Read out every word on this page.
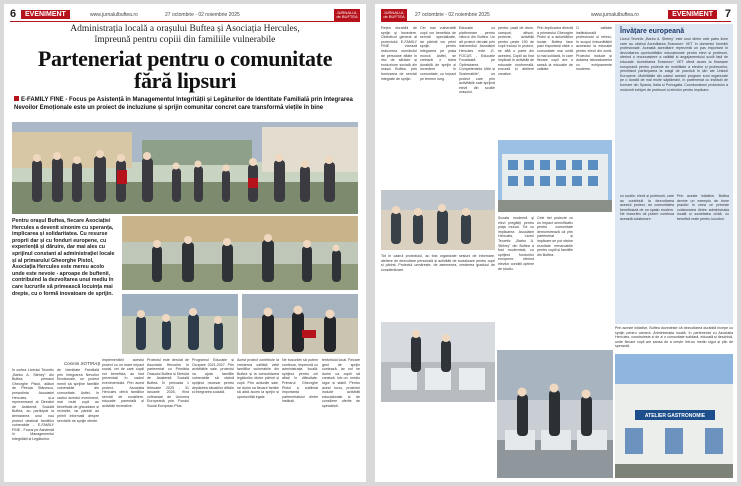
6	EVENIMENT	www.jurnalulbuftea.ro	27 octombrie - 02 noiembrie 2025	JURNALUL de BUFTEA
Administrația locală a orașului Buftea și Asociația Hercules,
împreună pentru copiii din familiile vulnerabile
Parteneriat pentru o comunitate
fără lipsuri
E-FAMILY FINE - Focus pe Asistență în Managementul Integrității și Legăturilor de Identitate Familială prin Integrarea Nevoilor Emoționale este un proiect de incluziune și sprijin comunitar concret care transformă viețile în bine
Pentru orașul Buftea, fiecare Asociației Hercules a devenit sinonim cu speranța, implicarea și solidaritatea. Cu resurse proprii dar și cu fonduri europene, cu experiență și dăruire, dar mai ales cu sprijinul constant al administrației locale și al primarului Gheorghe Pistol, Asociația Hercules este mereu acolo unde este nevoie - aproape de buftenii, contribuind la dezvoltarea unui mediu în care lucrurile să primească locuința mai drepte, cu o formă inovatoare de sprijin.
Cosmin SOTIRAȘ
În curtea Liceului Teoretic „Barbu A. Știrbey” din Buftea, primarul Gheorghe Pistol, alături de Petruța Stănescu, președinta Asociației Hercules, și-a reprezentanți ai Direcției de Asistență Socială Buftea, au participat la demararea unui nou proiect destinat familiilor vulnerabile - E-FAMILY FINE - Focus pe Asistență în Managementul Integrității și Legăturilor.
de Identitate Familială prin Integrarea Nevoilor Emoționale, un proiect menit să sprijine familiile vulnerabile din comunitate. Astfel, în cadrul acestui eveniment, mai mulți copii au beneficiat de ghiozdane și rechizite, iar părinții au primit informații despre serviciile de sprijin oferite.
Implementării acestui proiect cu un mare impact social, cei de care copiii vor beneficia, au fost prezentați în cadrul evenimentului. Prin acest proiect, Asociația Hercules oferă familiilor servicii de consiliere, educație parentală și activități recreative.
Proiectul este derulat de Asociația Hercules în parteneriat cu Primăria Orașului Buftea și Direcția de Asistență Socială Buftea. În perioada 1 februarie 2025 - 31 ianuarie 2026, fiind cofinanțat de Uniunea Europeană prin Fondul Social European Plus.
Programul Educație și Ocupare 2021-2027. Prin activitățile sale, proiectul va ajuta familiile vulnerabile să obțină sprijinul necesar pentru depășirea situațiilor dificile și integrarea socială.
Acest proiect contribuie la creșterea calității vieții familiilor vulnerabile din Buftea și la consolidarea legăturilor dintre părinți și copii. Prin acțiunile sale, ne dorim ca fiecare familie să aibă acces la sprijin și oportunități egale.
Ne bucurăm să putem continua, împreună cu administrația locală, sprijinul pentru cei aflați în dificultate. Primarul Gheorghe Pistol a subliniat importanța parteneriatului dintre instituții.
teritoriului local. Fiecare gest de sprijin contează, iar noi ne dorim ca copiii să crească într-un mediu sigur și stabil. Pentru acest lucru, proiectul include activități educaționale și de consiliere oferite de specialiști.
JURNALUL de BUFTEA	27 octombrie - 02 noiembrie 2025	www.jurnalulbuftea.ro	EVENIMENT	7
Reţea durabilă de sprijin şi încredere. Obiectivul general al proiectului E-FAMILY FINE vizează reducerea numărului de persoane aflate în risc de sărăcie și excluziune socială din orașul Buftea, prin furnizarea de servicii integrate de sprijin.
Cei mai vulnerabili copii vor beneficia de servicii specializate, iar părinții vor primi sprijin pentru integrarea pe piața muncii. Astfel, se creează o rețea durabilă de sprijin și încredere în comunitate, cu impact pe termen lung.
Educație cu platformare - pentru viitorul din Buftea. Un alt proiect derulat prin intermediul Asociației Hercules este „E-FOCUS - Educație Focalizată pe Optimizarea Competențelor Utile și Sustenabile”, un proiect care prin activitățile sale sprijină elevii din școlile orașului.
pentru: paști de drum, campuri, afișuri, proiecte, activități pentru peste 190 de copii incluși în proiect, se află o parte din acestea. Copiii au fost implicați în activități de educație nonformală, excursii și ateliere creative.
Prin implicarea directă a primarului Gheorghe Pistol și a autorităților locale, Buftea face pași importanți către o comunitate mai unită și mai solidară, în care fiecare copil are o șansă la educație de calitate.
O calitate instituțională profesional și tehnic, în scopul îmbunătățirii accesului la educație pentru elevii din zonă. Proiectul include și dotarea laboratoarelor cu echipamente moderne.
Învățare europeană
Liceul Teoretic „Barbu A. Știrbey” este unul dintre cele patru licee care au obținut Acreditarea Erasmus+ VET în domeniul formării profesionale. Această acreditare reprezintă un pas important în dezvoltarea oportunităților educaționale pentru elevi și profesori, oferind o recunoaștere a calității și angajamentului școlii față de educație. Acreditarea Erasmus+ VET oferă acces la finanțare europeană pentru proiecte de mobilitate a elevilor și profesorilor, permițând participarea la stagii de practică în țări ale Uniunii Europene. Mobilitățile din cadrul acestui program sunt organizate pe o durată de mai multe săptămâni, în parteneriat cu instituții de formare din Spania, Italia și Portugalia. Coordonatorul proiectului a mulțumit echipei de profesori și elevilor pentru implicare.
cu școlile, elevii și profesorii, care au contribuit la dezvoltarea acestui proiect, iar comunitatea beneficiază de un spațiu modern. Ne bucurăm că putem continua această colaborare.
Prin aceste inițiative, Buftea devine un exemplu de bune practici în ceea ce privește colaborarea dintre administrația locală și societatea civilă, cu beneficii reale pentru locuitori.
Școala modernă şi elevi pregătiţi pentru piaţa muncii. Tot cu implicarea Asociației Hercules, Liceul Teoretic „Barbu A. Știrbey” din Buftea a fost modernizat, cu sprijinul fondurilor europene, oferind elevilor condiții optime de studiu.
Cele trei proiecte cu un impact semnificativ pentru comunitate demonstrează că prin parteneriat și implicare se pot obține rezultate remarcabile pentru copiii și familiile din Buftea.
Tot în cadrul proiectului, au fost organizate sesiuni de informare, ateliere de dezvoltare personală și activități de socializare pentru copii și părinți. Proiectul urmărește, de asemenea, creșterea gradului de conștientizare.
Prin aceste inițiative, Buftea dovedește că dezvoltarea durabilă începe cu sprijin pentru oameni. Administrația locală, în parteneriat cu Asociația Hercules, construiește zi de zi o comunitate solidară, educată și deschisă, unde fiecare copil are șansa de a crește într-un mediu sigur și plin de speranță.
ATELIER GASTRONOMIE
